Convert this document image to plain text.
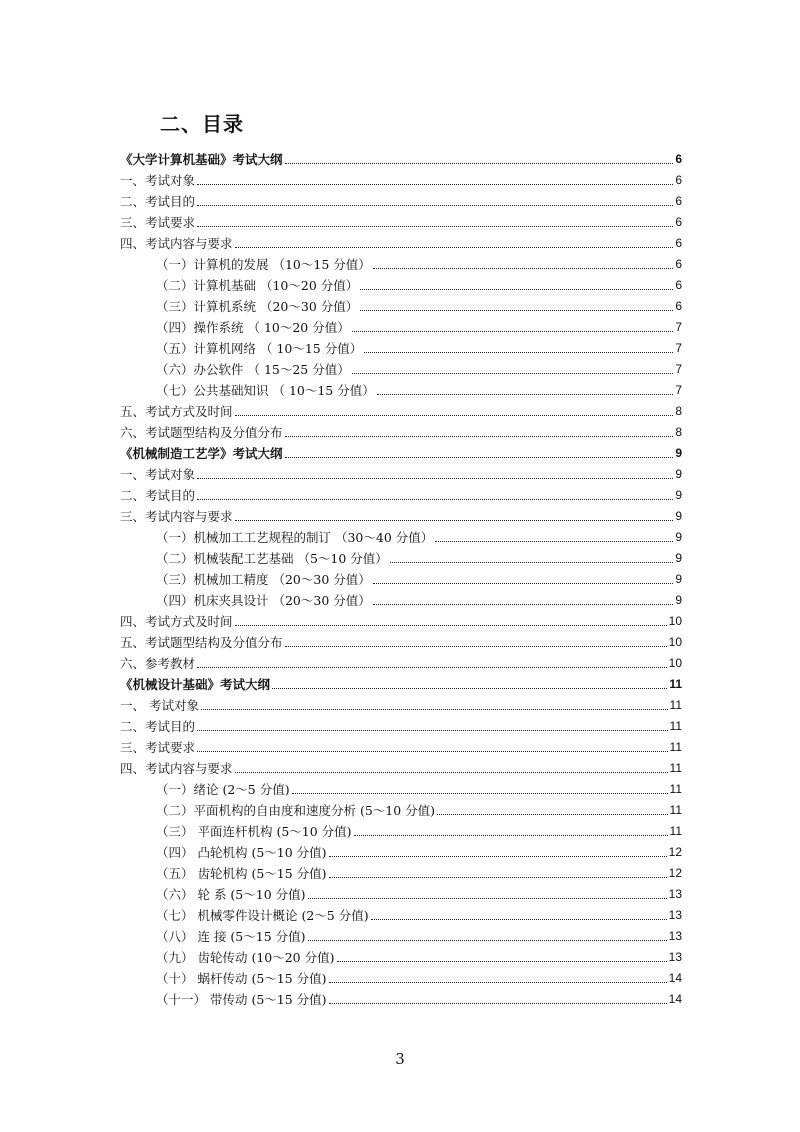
二、目录
《大学计算机基础》考试大纲	6
一、考试对象	6
二、考试目的	6
三、考试要求	6
四、考试内容与要求	6
（一）计算机的发展 （10～15 分值）	6
（二）计算机基础 （10～20 分值）	6
（三）计算机系统 （20～30 分值）	6
（四）操作系统 （ 10～20 分值）	7
（五）计算机网络 （ 10～15 分值）	7
（六）办公软件 （ 15～25 分值）	7
（七）公共基础知识 （ 10～15 分值）	7
五、考试方式及时间	8
六、考试题型结构及分值分布	8
《机械制造工艺学》考试大纲	9
一、考试对象	9
二、考试目的	9
三、考试内容与要求	9
（一）机械加工工艺规程的制订 （30～40 分值）	9
（二）机械装配工艺基础 （5～10 分值）	9
（三）机械加工精度 （20～30 分值）	9
（四）机床夹具设计 （20～30 分值）	9
四、考试方式及时间	10
五、考试题型结构及分值分布	10
六、参考教材	10
《机械设计基础》考试大纲	11
一、 考试对象	11
二、考试目的	11
三、考试要求	11
四、考试内容与要求	11
（一）绪论 (2～5 分值)	11
（二）平面机构的自由度和速度分析 (5～10 分值)	11
（三） 平面连杆机构 (5～10 分值)	11
（四） 凸轮机构 (5～10 分值)	12
（五） 齿轮机构 (5～15 分值)	12
（六） 轮 系 (5～10 分值)	13
（七） 机械零件设计概论 (2～5 分值)	13
（八） 连 接 (5～15 分值)	13
（九） 齿轮传动 (10～20 分值)	13
（十） 蜗杆传动 (5～15 分值)	14
（十一） 带传动 (5～15 分值)	14
3
